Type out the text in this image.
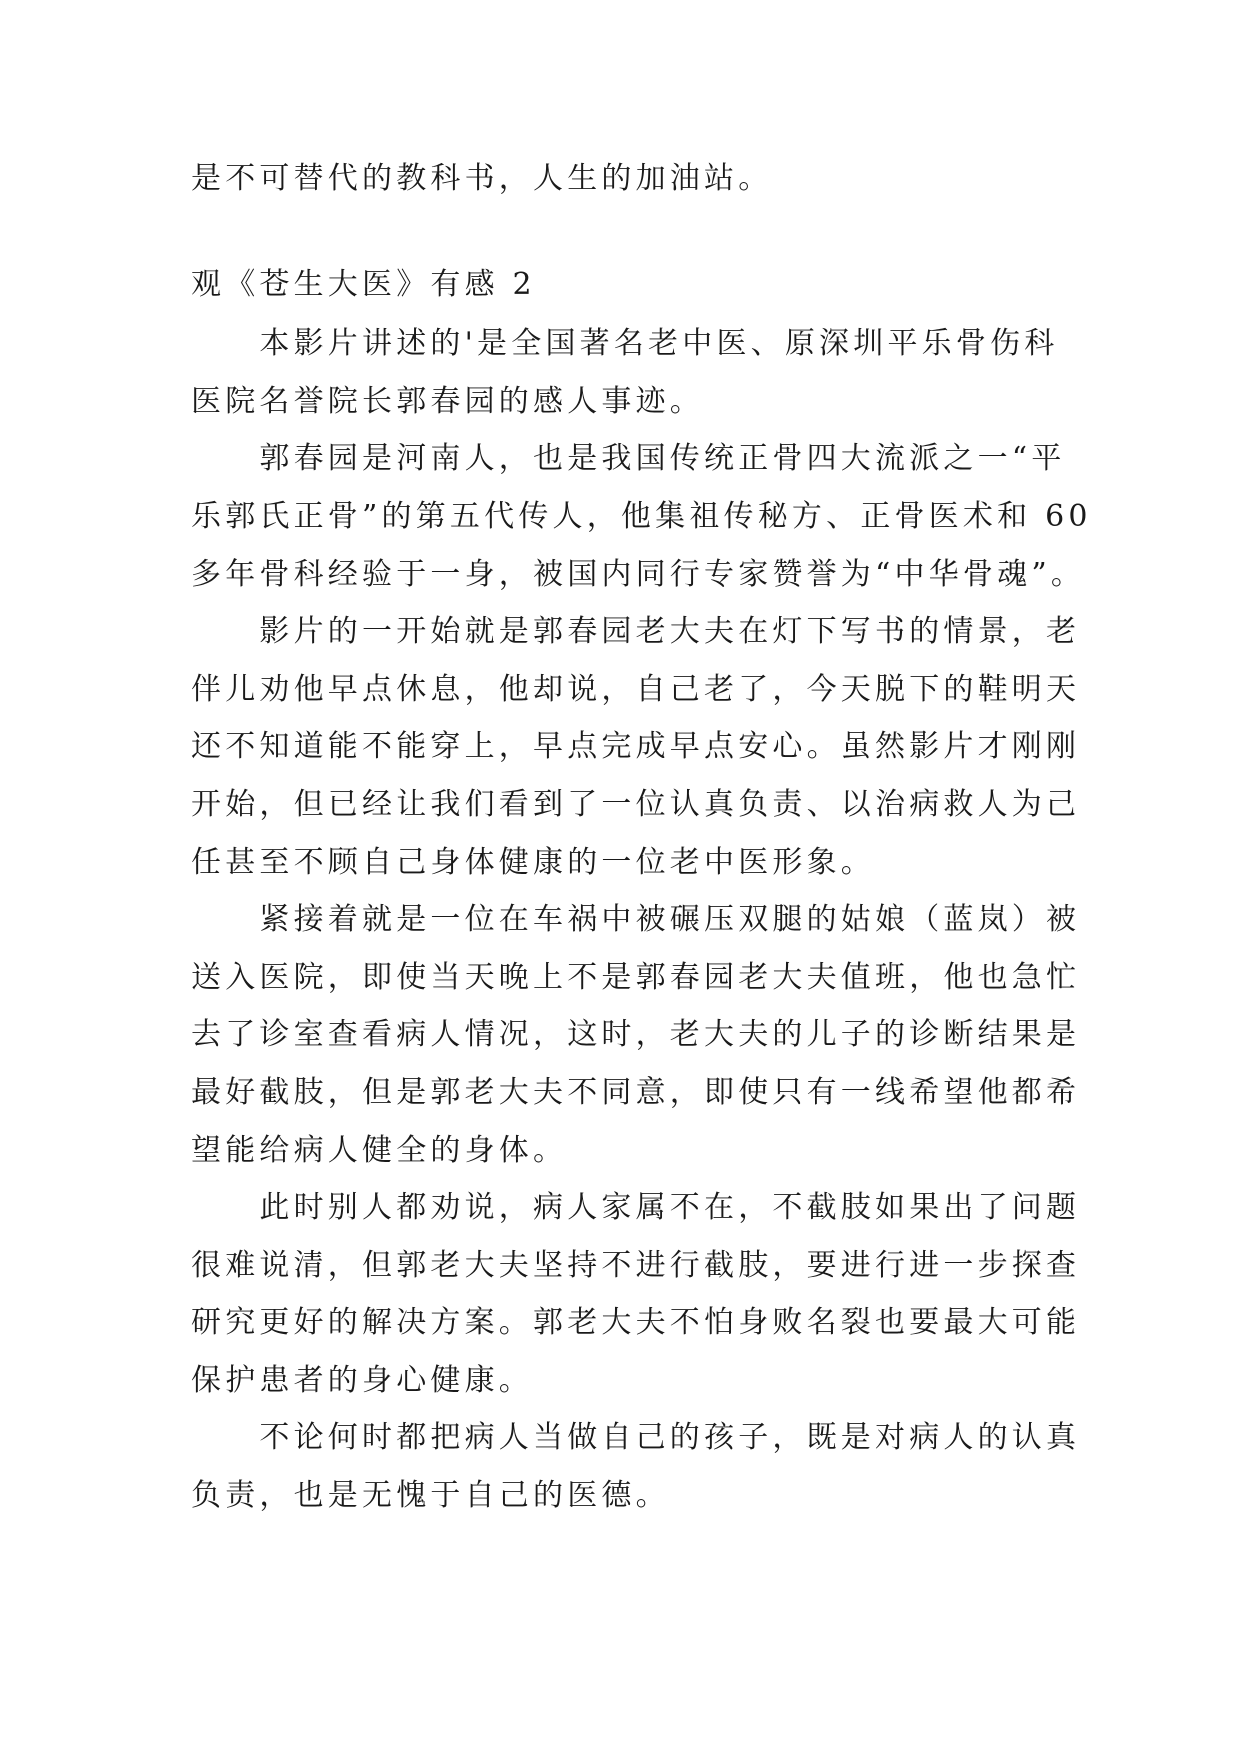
是不可替代的教科书，人生的加油站。

观《苍生大医》有感 2

　　本影片讲述的'是全国著名老中医、原深圳平乐骨伤科

医院名誉院长郭春园的感人事迹。

　　郭春园是河南人，也是我国传统正骨四大流派之一“平

乐郭氏正骨”的第五代传人，他集祖传秘方、正骨医术和 60

多年骨科经验于一身，被国内同行专家赞誉为“中华骨魂”。

　　影片的一开始就是郭春园老大夫在灯下写书的情景，老

伴儿劝他早点休息，他却说，自己老了，今天脱下的鞋明天

还不知道能不能穿上，早点完成早点安心。虽然影片才刚刚

开始，但已经让我们看到了一位认真负责、以治病救人为己

任甚至不顾自己身体健康的一位老中医形象。

　　紧接着就是一位在车祸中被碾压双腿的姑娘（蓝岚）被

送入医院，即使当天晚上不是郭春园老大夫值班，他也急忙

去了诊室查看病人情况，这时，老大夫的儿子的诊断结果是

最好截肢，但是郭老大夫不同意，即使只有一线希望他都希

望能给病人健全的身体。

　　此时别人都劝说，病人家属不在，不截肢如果出了问题

很难说清，但郭老大夫坚持不进行截肢，要进行进一步探查

研究更好的解决方案。郭老大夫不怕身败名裂也要最大可能

保护患者的身心健康。

　　不论何时都把病人当做自己的孩子，既是对病人的认真

负责，也是无愧于自己的医德。
